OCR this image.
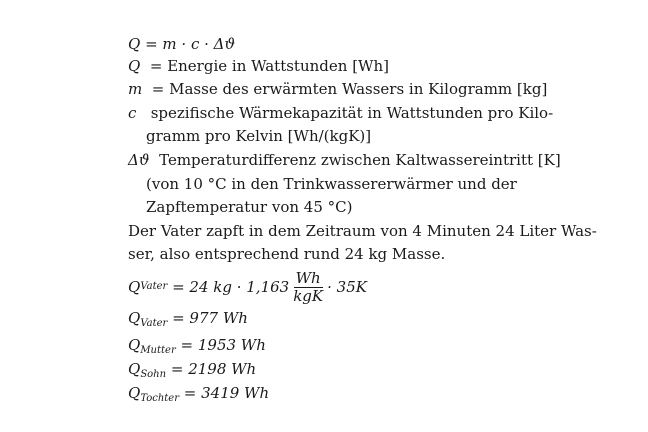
Q = m · c · Δϑ
Q = Energie in Wattstunden [Wh]
m = Masse des erwärmten Wassers in Kilogramm [kg]
c spezifische Wärmekapazität in Wattstunden pro Kilo-
gramm pro Kelvin [Wh/(kgK)]
Δϑ Temperaturdifferenz zwischen Kaltwassereintritt [K]
(von 10 °C in den Trinkwassererwärmer und der
Zapftemperatur von 45 °C)
Der Vater zapft in dem Zeitraum von 4 Minuten 24 Liter Was-
ser, also entsprechend rund 24 kg Masse.
Q Vater
= 24 kg · $1,163 \frac{Wh}{\text{kgK}} \cdot 35K$
$Q_{Vater} = 977$ Wh
$Q_{Mutter} = 1953$ Wh
$Q_{Sohn} = 2198$ Wh
$Q_{Tochter} = 3419$ Wh
